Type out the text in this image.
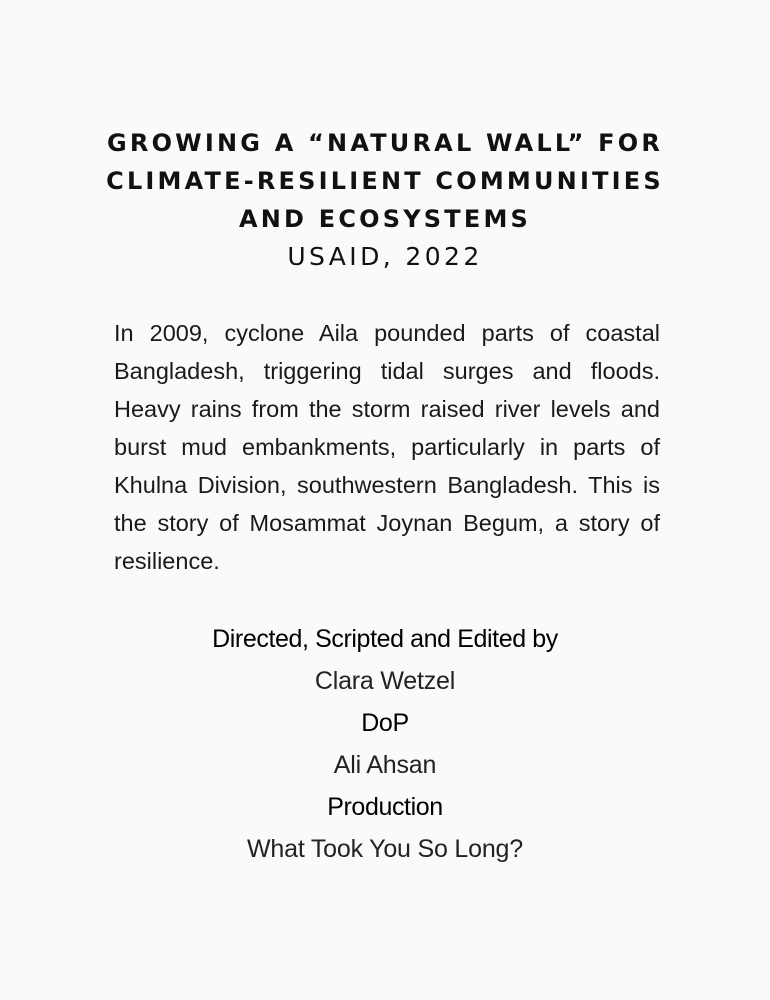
GROWING A “NATURAL WALL” FOR
CLIMATE-RESILIENT COMMUNITIES
AND ECOSYSTEMS
USAID, 2022

In 2009, cyclone Aila pounded parts of coastal Bangladesh, triggering tidal surges and floods. Heavy rains from the storm raised river levels and burst mud embankments, particularly in parts of Khulna Division, southwestern Bangladesh. This is the story of Mosammat Joynan Begum, a story of resilience.

Directed, Scripted and Edited by
Clara Wetzel
DoP
Ali Ahsan
Production
What Took You So Long?
